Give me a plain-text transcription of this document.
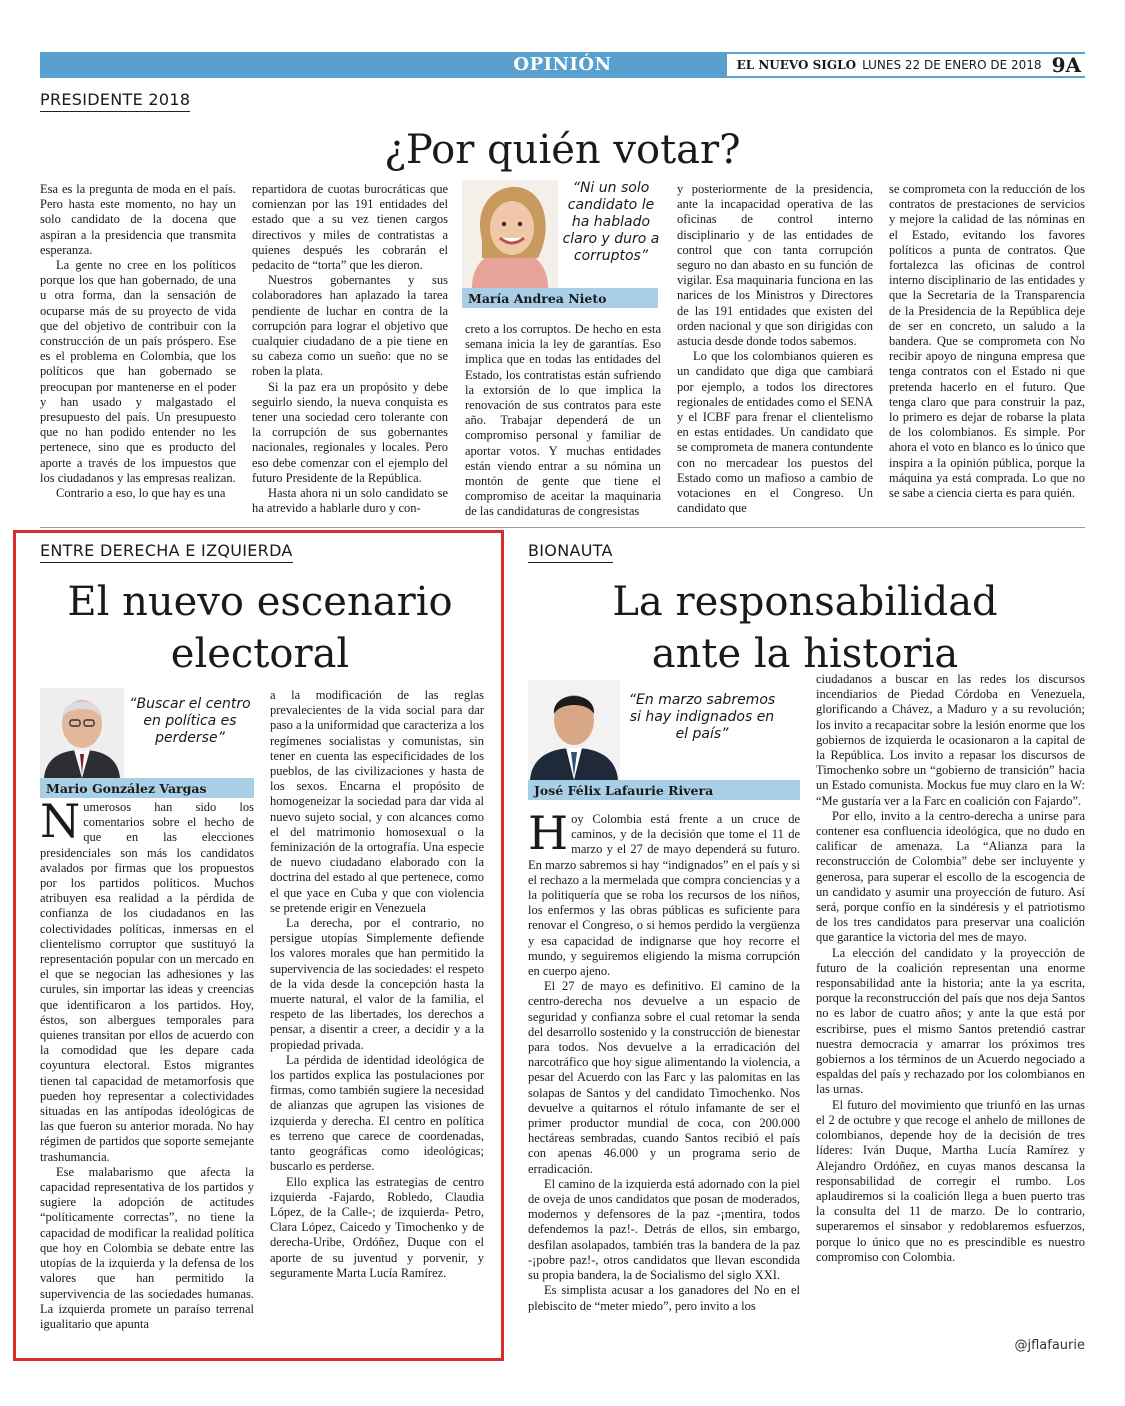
OPINIÓN	EL NUEVO SIGLO LUNES 22 DE ENERO DE 2018 9A
PRESIDENTE 2018
¿Por quién votar?

Esa es la pregunta de moda en el país. Pero hasta este momento, no hay un solo candidato de la docena que aspiran a la presidencia que transmita esperanza.

La gente no cree en los políticos porque los que han gobernado, de una u otra forma, dan la sensación de ocuparse más de su proyecto de vida que del objetivo de contribuir con la construcción de un país próspero. Ese es el problema en Colombia, que los políticos que han gobernado se preocupan por mantenerse en el poder y han usado y malgastado el presupuesto del país. Un presupuesto que no han podido entender no les pertenece, sino que es producto del aporte a través de los impuestos que los ciudadanos y las empresas realizan.

Contrario a eso, lo que hay es una

repartidora de cuotas burocráticas que comienzan por las 191 entidades del estado que a su vez tienen cargos directivos y miles de contratistas a quienes después les cobrarán el pedacito de “torta” que les dieron.

Nuestros gobernantes y sus colaboradores han aplazado la tarea pendiente de luchar en contra de la corrupción para lograr el objetivo que cualquier ciudadano de a pie tiene en su cabeza como un sueño: que no se roben la plata.

Si la paz era un propósito y debe seguirlo siendo, la nueva conquista es tener una sociedad cero tolerante con la corrupción de sus gobernantes nacionales, regionales y locales. Pero eso debe comenzar con el ejemplo del futuro Presidente de la República.

Hasta ahora ni un solo candidato se ha atrevido a hablarle duro y con-

“Ni un solo candidato le ha hablado claro y duro a corruptos”
María Andrea Nieto

creto a los corruptos. De hecho en esta semana inicia la ley de garantías. Eso implica que en todas las entidades del Estado, los contratistas están sufriendo la extorsión de lo que implica la renovación de sus contratos para este año. Trabajar dependerá de un compromiso personal y familiar de aportar votos. Y muchas entidades están viendo entrar a su nómina un montón de gente que tiene el compromiso de aceitar la maquinaria de las candidaturas de congresistas

y posteriormente de la presidencia, ante la incapacidad operativa de las oficinas de control interno disciplinario y de las entidades de control que con tanta corrupción seguro no dan abasto en su función de vigilar. Esa maquinaria funciona en las narices de los Ministros y Directores de las 191 entidades que existen del orden nacional y que son dirigidas con astucia desde donde todos sabemos.

Lo que los colombianos quieren es un candidato que diga que cambiará por ejemplo, a todos los directores regionales de entidades como el SENA y el ICBF para frenar el clientelismo en estas entidades. Un candidato que se comprometa de manera contundente con no mercadear los puestos del Estado como un mafioso a cambio de votaciones en el Congreso. Un candidato que

se comprometa con la reducción de los contratos de prestaciones de servicios y mejore la calidad de las nóminas en el Estado, evitando los favores políticos a punta de contratos. Que fortalezca las oficinas de control interno disciplinario de las entidades y que la Secretaria de la Transparencia de la Presidencia de la República deje de ser en concreto, un saludo a la bandera. Que se comprometa con No recibir apoyo de ninguna empresa que tenga contratos con el Estado ni que pretenda hacerlo en el futuro. Que tenga claro que para construir la paz, lo primero es dejar de robarse la plata de los colombianos. Es simple. Por ahora el voto en blanco es lo único que inspira a la opinión pública, porque la máquina ya está comprada. Lo que no se sabe a ciencia cierta es para quién.

ENTRE DERECHA E IZQUIERDA
El nuevo escenario
electoral
“Buscar el centro en política es perderse”
Mario González Vargas

Numerosos han sido los comentarios sobre el hecho de que en las elecciones presidenciales son más los candidatos avalados por firmas que los propuestos por los partidos políticos. Muchos atribuyen esa realidad a la pérdida de confianza de los ciudadanos en las colectividades políticas, inmersas en el clientelismo corruptor que sustituyó la representación popular con un mercado en el que se negocian las adhesiones y las curules, sin importar las ideas y creencias que identificaron a los partidos. Hoy, éstos, son albergues temporales para quienes transitan por ellos de acuerdo con la comodidad que les depare cada coyuntura electoral. Estos migrantes tienen tal capacidad de metamorfosis que pueden hoy representar a colectividades situadas en las antípodas ideológicas de las que fueron su anterior morada. No hay régimen de partidos que soporte semejante trashumancia.

Ese malabarismo que afecta la capacidad representativa de los partidos y sugiere la adopción de actitudes “políticamente correctas”, no tiene la capacidad de modificar la realidad política que hoy en Colombia se debate entre las utopías de la izquierda y la defensa de los valores que han permitido la supervivencia de las sociedades humanas. La izquierda promete un paraíso terrenal igualitario que apunta

a la modificación de las reglas prevalecientes de la vida social para dar paso a la uniformidad que caracteriza a los regímenes socialistas y comunistas, sin tener en cuenta las especificidades de los pueblos, de las civilizaciones y hasta de los sexos. Encarna el propósito de homogeneizar la sociedad para dar vida al nuevo sujeto social, y con alcances como el del matrimonio homosexual o la feminización de la ortografía. Una especie de nuevo ciudadano elaborado con la doctrina del estado al que pertenece, como el que yace en Cuba y que con violencia se pretende erigir en Venezuela

La derecha, por el contrario, no persigue utopías Simplemente defiende los valores morales que han permitido la supervivencia de las sociedades: el respeto de la vida desde la concepción hasta la muerte natural, el valor de la familia, el respeto de las libertades, los derechos a pensar, a disentir a creer, a decidir y a la propiedad privada.

La pérdida de identidad ideológica de los partidos explica las postulaciones por firmas, como también sugiere la necesidad de alianzas que agrupen las visiones de izquierda y derecha. El centro en política es terreno que carece de coordenadas, tanto geográficas como ideológicas; buscarlo es perderse.

Ello explica las estrategias de centro izquierda -Fajardo, Robledo, Claudia López, de la Calle-; de izquierda- Petro, Clara López, Caicedo y Timochenko y de derecha-Uribe, Ordóñez, Duque con el aporte de su juventud y porvenir, y seguramente Marta Lucía Ramírez.

BIONAUTA
La responsabilidad
ante la historia
“En marzo sabremos si hay indignados en el país”
José Félix Lafaurie Rivera

Hoy Colombia está frente a un cruce de caminos, y de la decisión que tome el 11 de marzo y el 27 de mayo dependerá su futuro. En marzo sabremos si hay “indignados” en el país y si el rechazo a la mermelada que compra conciencias y a la politiquería que se roba los recursos de los niños, los enfermos y las obras públicas es suficiente para renovar el Congreso, o si hemos perdido la vergüenza y esa capacidad de indignarse que hoy recorre el mundo, y seguiremos eligiendo la misma corrupción en cuerpo ajeno.

El 27 de mayo es definitivo. El camino de la centro-derecha nos devuelve a un espacio de seguridad y confianza sobre el cual retomar la senda del desarrollo sostenido y la construcción de bienestar para todos. Nos devuelve a la erradicación del narcotráfico que hoy sigue alimentando la violencia, a pesar del Acuerdo con las Farc y las palomitas en las solapas de Santos y del candidato Timochenko. Nos devuelve a quitarnos el rótulo infamante de ser el primer productor mundial de coca, con 200.000 hectáreas sembradas, cuando Santos recibió el país con apenas 46.000 y un programa serio de erradicación.

El camino de la izquierda está adornado con la piel de oveja de unos candidatos que posan de moderados, modernos y defensores de la paz -¡mentira, todos defendemos la paz!-. Detrás de ellos, sin embargo, desfilan asolapados, también tras la bandera de la paz -¡pobre paz!-, otros candidatos que llevan escondida su propia bandera, la de Socialismo del siglo XXI.

Es simplista acusar a los ganadores del No en el plebiscito de “meter miedo”, pero invito a los

ciudadanos a buscar en las redes los discursos incendiarios de Piedad Córdoba en Venezuela, glorificando a Chávez, a Maduro y a su revolución; los invito a recapacitar sobre la lesión enorme que los gobiernos de izquierda le ocasionaron a la capital de la República. Los invito a repasar los discursos de Timochenko sobre un “gobierno de transición” hacia un Estado comunista. Mockus fue muy claro en la W: “Me gustaría ver a la Farc en coalición con Fajardo”.

Por ello, invito a la centro-derecha a unirse para contener esa confluencia ideológica, que no dudo en calificar de amenaza. La “Alianza para la reconstrucción de Colombia” debe ser incluyente y generosa, para superar el escollo de la escogencia de un candidato y asumir una proyección de futuro. Así será, porque confío en la sindéresis y el patriotismo de los tres candidatos para preservar una coalición que garantice la victoria del mes de mayo.

La elección del candidato y la proyección de futuro de la coalición representan una enorme responsabilidad ante la historia; ante la ya escrita, porque la reconstrucción del país que nos deja Santos no es labor de cuatro años; y ante la que está por escribirse, pues el mismo Santos pretendió castrar nuestra democracia y amarrar los próximos tres gobiernos a los términos de un Acuerdo negociado a espaldas del país y rechazado por los colombianos en las urnas.

El futuro del movimiento que triunfó en las urnas el 2 de octubre y que recoge el anhelo de millones de colombianos, depende hoy de la decisión de tres líderes: Iván Duque, Martha Lucía Ramírez y Alejandro Ordóñez, en cuyas manos descansa la responsabilidad de corregir el rumbo. Los aplaudiremos si la coalición llega a buen puerto tras la consulta del 11 de marzo. De lo contrario, superaremos el sinsabor y redoblaremos esfuerzos, porque lo único que no es prescindible es nuestro compromiso con Colombia.

@jflafaurie
